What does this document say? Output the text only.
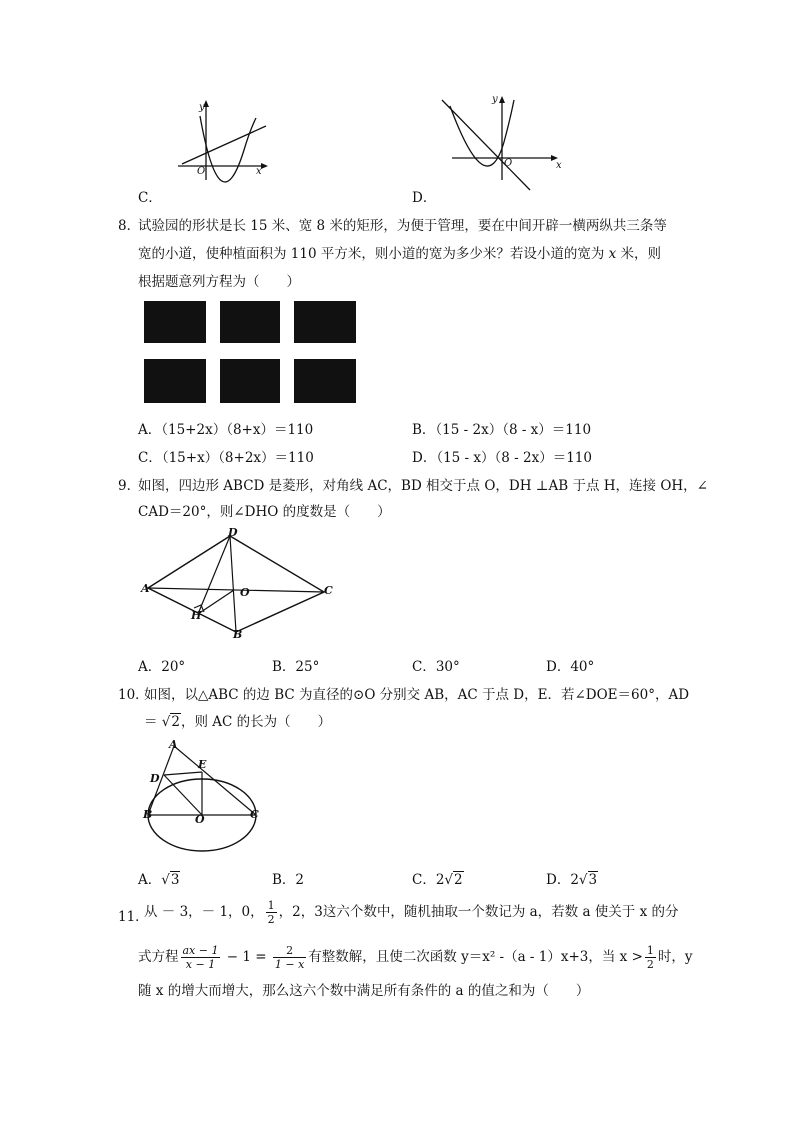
y
O	x
C．
y
O	x
D．
8．
试验园的形状是长 15 米、宽 8 米的矩形，为便于管理，要在中间开辟一横两纵共三条等
宽的小道，使种植面积为 110 平方米，则小道的宽为多少米？若设小道的宽为 x 米，则
根据题意列方程为（　　）
A．（15+2x）（8+x）＝110	B．（15 - 2x）（8 - x）＝110
C．（15+x）（8+2x）＝110	D．（15 - x）（8 - 2x）＝110
9．
如图，四边形 ABCD 是菱形，对角线 AC，BD 相交于点 O，DH ⊥AB 于点 H，连接 OH，∠
CAD＝20°，则∠DHO 的度数是（　　）
A
D
C
O
H
B
A．20°	B．25°	C．30°	D．40°
10．
如图，以△ABC 的边 BC 为直径的⊙O 分别交 AB，AC 于点 D，E．若∠DOE＝60°，AD
＝ √2，则 AC 的长为（　　）
A
E
D
B	O	C
A．√3	B．2	C．2√2	D．2√3
11．
从 － 3，－ 1，0， $\frac{1}{2}$ ，2，3这六个数中，随机抽取一个数记为 a，若数 a 使关于 x 的分
式方程 $\frac{ax - 1}{x - 1} - 1 = \frac{2}{1 - x}$ 有整数解，且使二次函数 y＝x² -（a - 1）x+3，当 $x > \frac{1}{2}$ 时，y
随 x 的增大而增大，那么这六个数中满足所有条件的 a 的值之和为（　　）
